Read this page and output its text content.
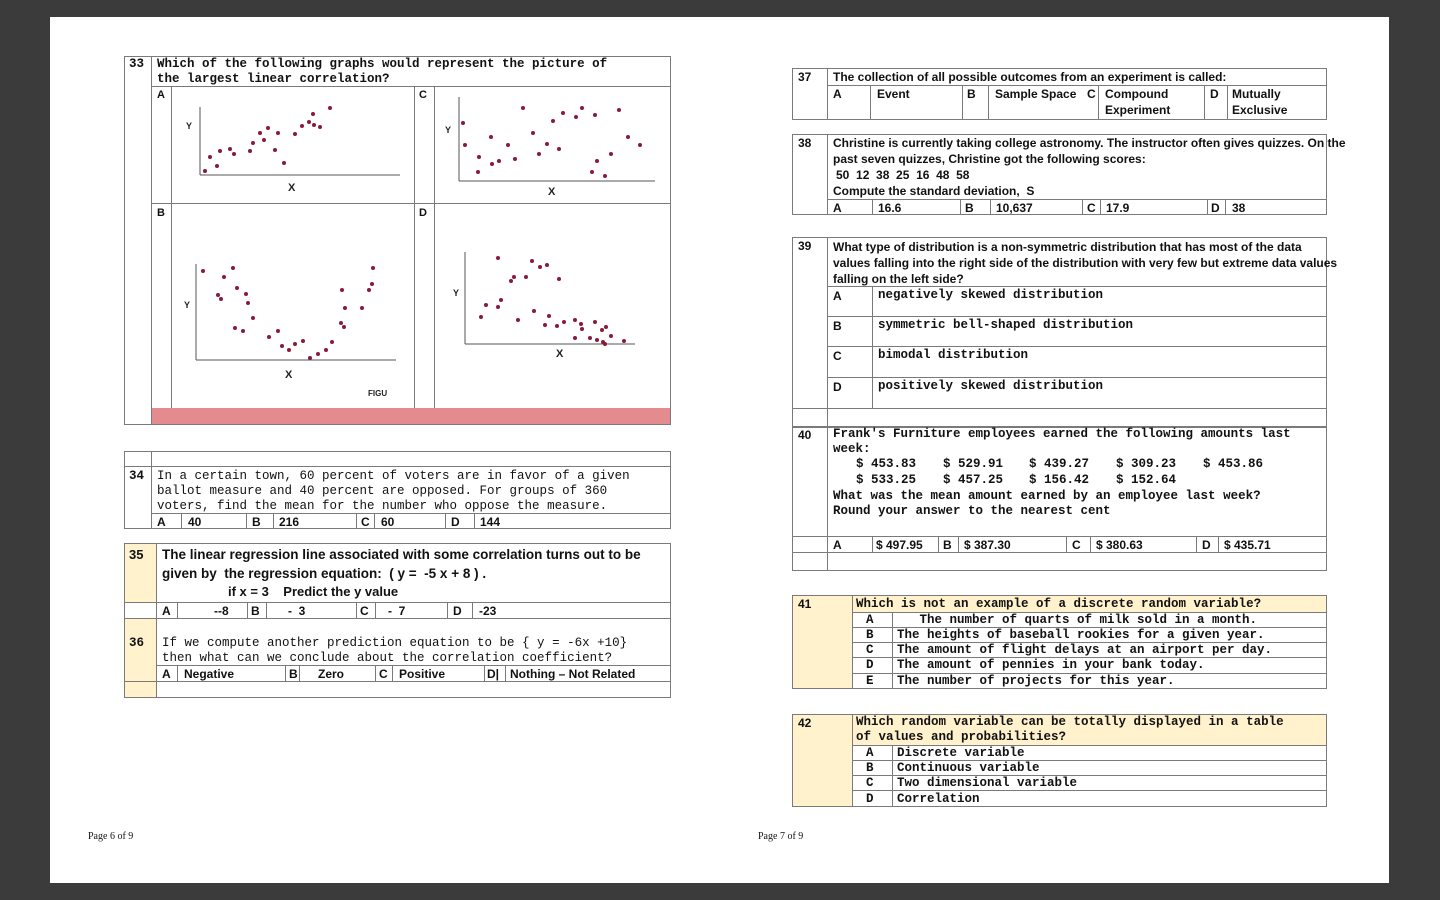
33 Which of the following graphs would represent the picture of
the largest linear correlation?
A	C
B	D
Y
X
Y
X
Y
X
FIGU
Y
X
34 In a certain town, 60 percent of voters are in favor of a given
ballot measure and 40 percent are opposed. For groups of 360
voters, find the mean for the number who oppose the measure.
A 40	B 216	C 60	D 144
35 The linear regression line associated with some correlation turns out to be
given by  the regression equation:  ( y =  -5 x + 8 ) .
if x = 3    Predict the y value
A	--8 B -  3	C -  7	D -23
36 If we compute another prediction equation to be { y = -6x +10}
then what can we conclude about the correlation coefficient?
A Negative	B Zero	C Positive	D| Nothing – Not Related
Page 6 of 9
37 The collection of all possible outcomes from an experiment is called:
A	Event	B Sample Space C Compound
Experiment
D Mutually
Exclusive
38 Christine is currently taking college astronomy. The instructor often gives quizzes. On the
past seven quizzes, Christine got the following scores:
50  12  38  25  16  48  58
Compute the standard deviation,  S
A	16.6	B 10,637	C 17.9	D 38
39 What type of distribution is a non-symmetric distribution that has most of the data
values falling into the right side of the distribution with very few but extreme data values
falling on the left side?
A	negatively skewed distribution
B	symmetric bell-shaped distribution
C	bimodal distribution
D	positively skewed distribution
40 Frank's Furniture employees earned the following amounts last
week:
$ 453.83 $ 529.91 $ 439.27 $ 309.23 $ 453.86
$ 533.25 $ 457.25 $ 156.42 $ 152.64
What was the mean amount earned by an employee last week?
Round your answer to the nearest cent
A	$ 497.95 B $ 387.30	C $ 380.63	D $ 435.71
41	Which is not an example of a discrete random variable?
A The number of quarts of milk sold in a month.
B The heights of baseball rookies for a given year.
C The amount of flight delays at an airport per day.
D The amount of pennies in your bank today.
E The number of projects for this year.
42	Which random variable can be totally displayed in a table
of values and probabilities?
A Discrete variable
B Continuous variable
C Two dimensional variable
D Correlation
Page 7 of 9
